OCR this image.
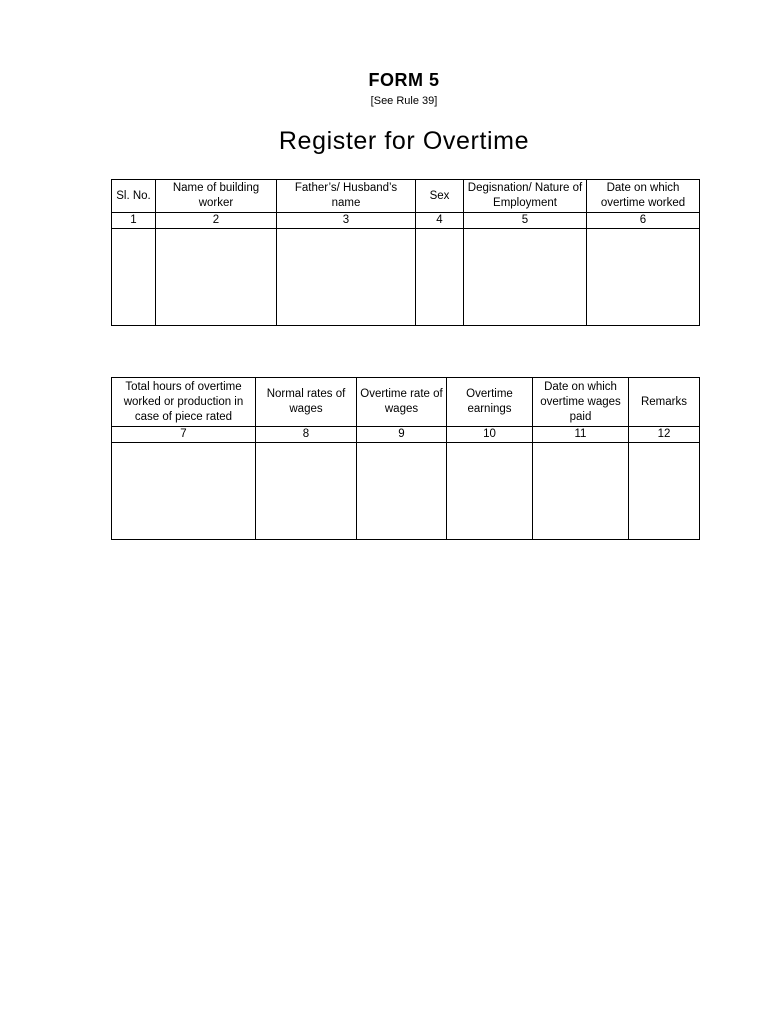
FORM 5
[See Rule 39]
Register for Overtime
Sl. No.	Name of building worker	Father’s/ Husband’s name	Sex	Degisnation/ Nature of Employment	Date on which overtime worked
1	2	3	4	5	6

Total hours of overtime worked or production in case of piece rated	Normal rates of wages	Overtime rate of wages	Overtime earnings	Date on which overtime wages paid	Remarks
7	8	9	10	11	12
